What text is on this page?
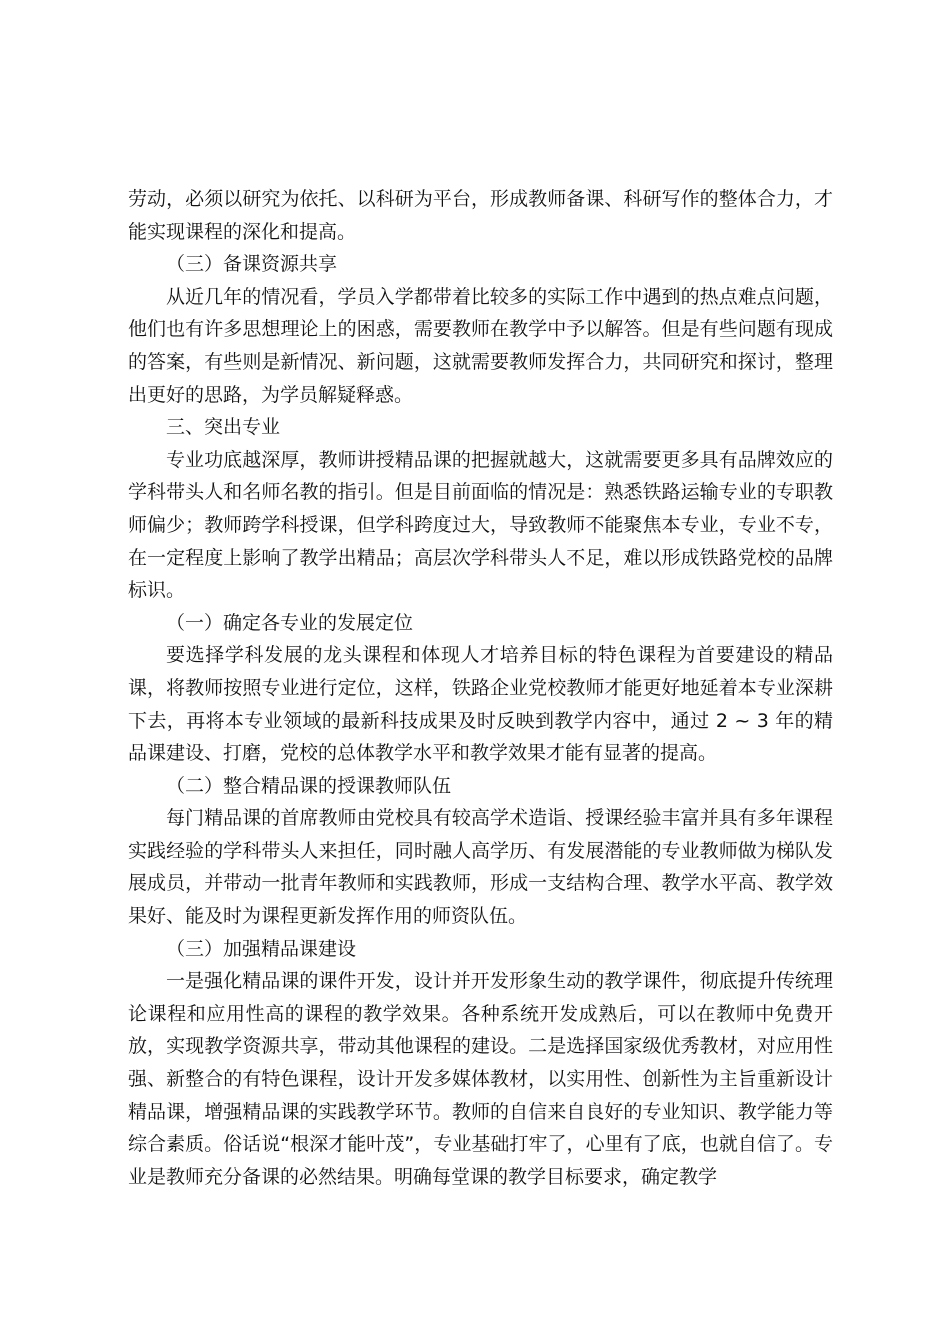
劳动，必须以研究为依托、以科研为平台，形成教师备课、科研写作的整体合力，才能实现课程的深化和提高。

（三）备课资源共享

从近几年的情况看，学员入学都带着比较多的实际工作中遇到的热点难点问题，他们也有许多思想理论上的困惑，需要教师在教学中予以解答。但是有些问题有现成的答案，有些则是新情况、新问题，这就需要教师发挥合力，共同研究和探讨，整理出更好的思路，为学员解疑释惑。

三、突出专业

专业功底越深厚，教师讲授精品课的把握就越大，这就需要更多具有品牌效应的学科带头人和名师名教的指引。但是目前面临的情况是：熟悉铁路运输专业的专职教师偏少；教师跨学科授课，但学科跨度过大，导致教师不能聚焦本专业，专业不专，在一定程度上影响了教学出精品；高层次学科带头人不足，难以形成铁路党校的品牌标识。

（一）确定各专业的发展定位

要选择学科发展的龙头课程和体现人才培养目标的特色课程为首要建设的精品课，将教师按照专业进行定位，这样，铁路企业党校教师才能更好地延着本专业深耕下去，再将本专业领域的最新科技成果及时反映到教学内容中，通过 2 ~ 3 年的精品课建设、打磨，党校的总体教学水平和教学效果才能有显著的提高。

（二）整合精品课的授课教师队伍

每门精品课的首席教师由党校具有较高学术造诣、授课经验丰富并具有多年课程实践经验的学科带头人来担任，同时融人高学历、有发展潜能的专业教师做为梯队发展成员，并带动一批青年教师和实践教师，形成一支结构合理、教学水平高、教学效果好、能及时为课程更新发挥作用的师资队伍。

（三）加强精品课建设

一是强化精品课的课件开发，设计并开发形象生动的教学课件，彻底提升传统理论课程和应用性高的课程的教学效果。各种系统开发成熟后，可以在教师中免费开放，实现教学资源共享，带动其他课程的建设。二是选择国家级优秀教材，对应用性强、新整合的有特色课程，设计开发多媒体教材，以实用性、创新性为主旨重新设计精品课，增强精品课的实践教学环节。教师的自信来自良好的专业知识、教学能力等综合素质。俗话说“根深才能叶茂”，专业基础打牢了，心里有了底，也就自信了。专业是教师充分备课的必然结果。明确每堂课的教学目标要求，确定教学
